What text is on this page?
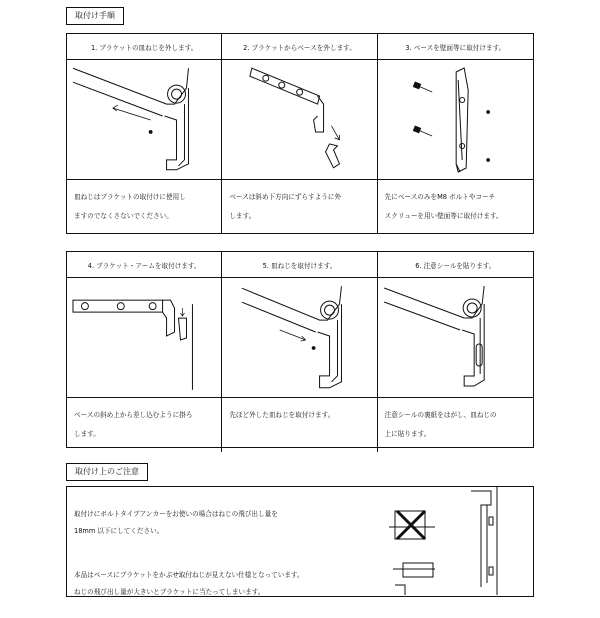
取付け手順
1. ブラケットの皿ねじを外します。
皿ねじはブラケットの取付けに使用し
ますのでなくさないでください。
2. ブラケットからベースを外します。
ベースは斜め下方向にずらすように外
します。
3. ベースを壁面等に取付けます。
先にベースのみをM8 ボルトやコーチ
スクリューを用い壁面等に取付けます。
4. ブラケット・アームを取付けます。
ベースの斜め上から差し込むように掛ろ
します。
5. 皿ねじを取付けます。
先ほど外した皿ねじを取付けます。
6. 注意シールを貼ります。
注意シールの裏紙をはがし、皿ねじの
上に貼ります。
取付け上のご注意

取付けにボルトタイプアンカーをお使いの場合はねじの飛び出し量を
18mm 以下にしてください。

本品はベースにブラケットをかぶせ取付ねじが見えない仕様となっています。
ねじの飛び出し量が大きいとブラケットに当たってしまいます。
